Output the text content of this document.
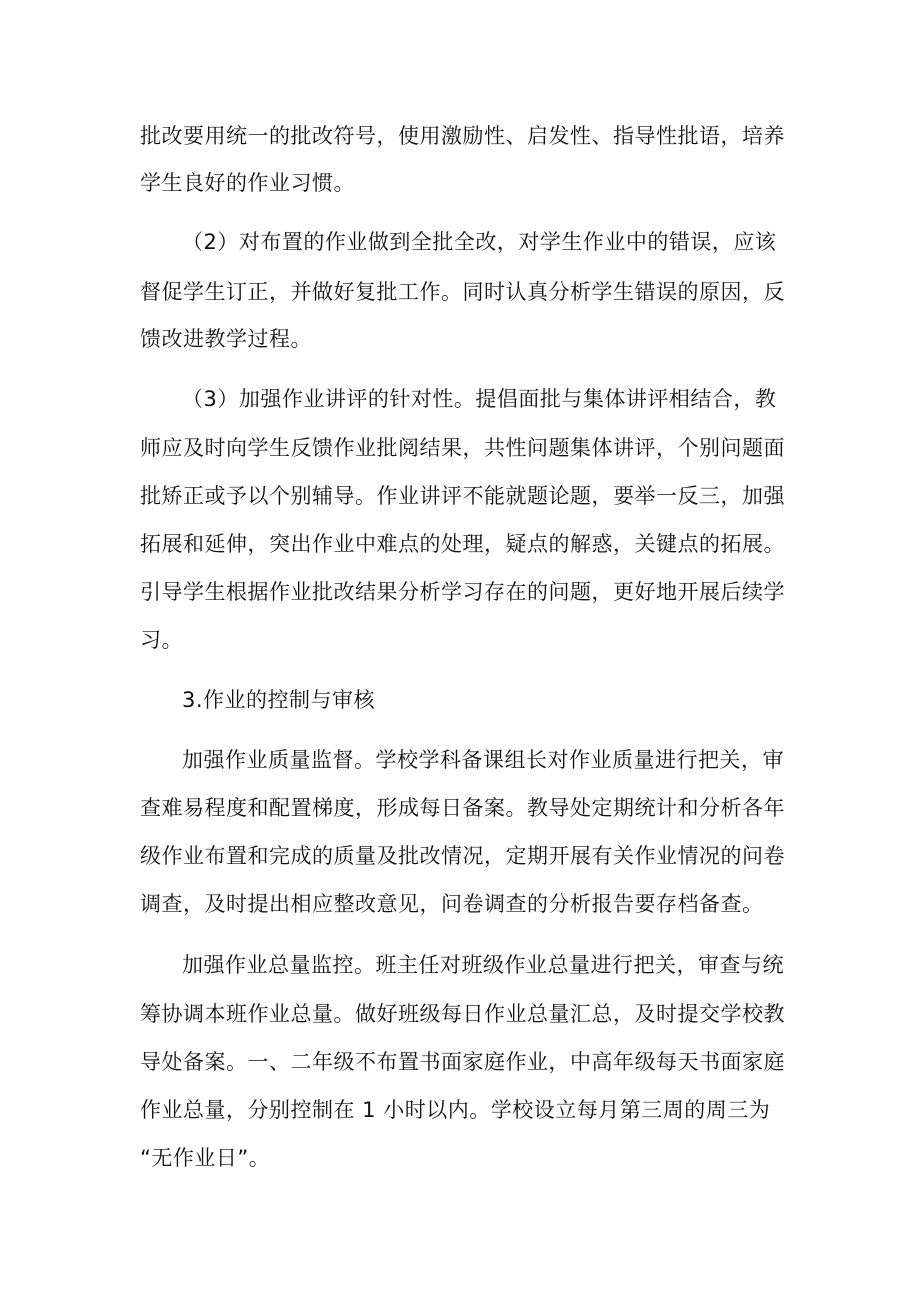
批改要用统一的批改符号，使用激励性、启发性、指导性批语，培养
学生良好的作业习惯。
（2）对布置的作业做到全批全改，对学生作业中的错误，应该
督促学生订正，并做好复批工作。同时认真分析学生错误的原因，反
馈改进教学过程。
（3）加强作业讲评的针对性。提倡面批与集体讲评相结合，教
师应及时向学生反馈作业批阅结果，共性问题集体讲评，个别问题面
批矫正或予以个别辅导。作业讲评不能就题论题，要举一反三，加强
拓展和延伸，突出作业中难点的处理，疑点的解惑，关键点的拓展。
引导学生根据作业批改结果分析学习存在的问题，更好地开展后续学
习。
3.作业的控制与审核
加强作业质量监督。学校学科备课组长对作业质量进行把关，审
查难易程度和配置梯度，形成每日备案。教导处定期统计和分析各年
级作业布置和完成的质量及批改情况，定期开展有关作业情况的问卷
调查，及时提出相应整改意见，问卷调查的分析报告要存档备查。
加强作业总量监控。班主任对班级作业总量进行把关，审查与统
筹协调本班作业总量。做好班级每日作业总量汇总，及时提交学校教
导处备案。一、二年级不布置书面家庭作业，中高年级每天书面家庭
作业总量，分别控制在 1 小时以内。学校设立每月第三周的周三为
“无作业日”。
